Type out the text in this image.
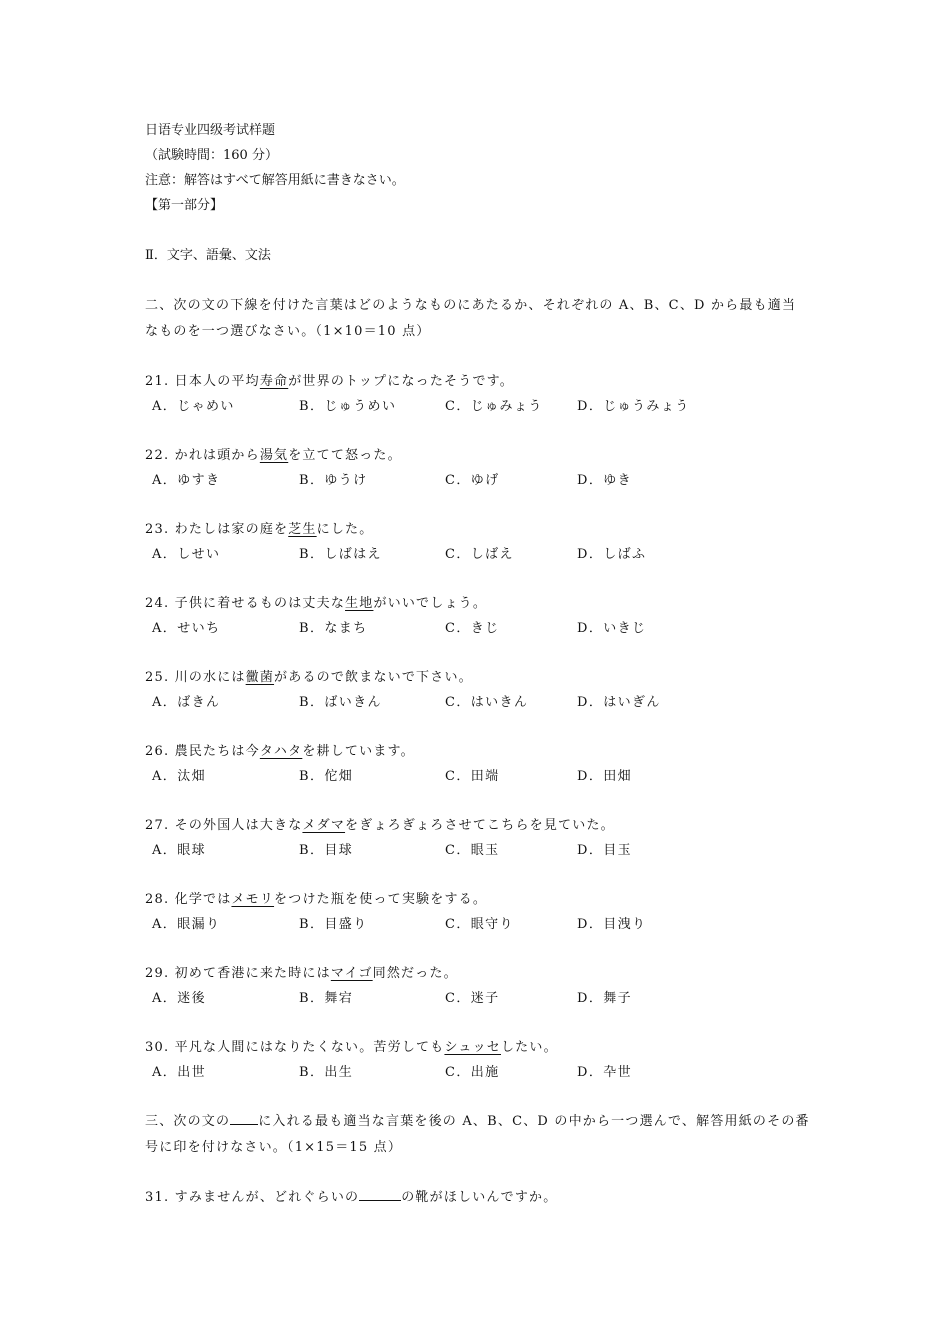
日语专业四级考试样题

（試験時間：160 分）

注意：解答はすべて解答用紙に書きなさい。

【第一部分】

Ⅱ．文字、語彙、文法

二、次の文の下線を付けた言葉はどのようなものにあたるか、それぞれの A、B、C、D から最も適当なものを一つ選びなさい。（1×10＝10 点）

21. 日本人の平均寿命が世界のトップになったそうです。

A．じゃめい	B．じゅうめい	C．じゅみょう	D．じゅうみょう

22. かれは頭から湯気を立てて怒った。

A．ゆすき	B．ゆうけ	C．ゆげ	D．ゆき

23. わたしは家の庭を芝生にした。

A．しせい	B．しばはえ	C．しばえ	D．しばふ

24. 子供に着せるものは丈夫な生地がいいでしょう。

A．せいち	B．なまち	C．きじ	D．いきじ

25. 川の水には黴菌があるので飲まないで下さい。

A．ばきん	B．ばいきん	C．はいきん	D．はいぎん

26. 農民たちは今タハタを耕しています。

A．汰畑	B．佗畑	C．田端	D．田畑

27. その外国人は大きなメダマをぎょろぎょろさせてこちらを見ていた。

A．眼球	B．目球	C．眼玉	D．目玉

28. 化学ではメモリをつけた瓶を使って実験をする。

A．眼漏り	B．目盛り	C．眼守り	D．目洩り

29. 初めて香港に来た時にはマイゴ同然だった。

A．迷後	B．舞宕	C．迷子	D．舞子

30. 平凡な人間にはなりたくない。苦労してもシュッセしたい。

A．出世	B．出生	C．出施	D．卆世

三、次の文の に入れる最も適当な言葉を後の A、B、C、D の中から一つ選んで、解答用紙のその番号に印を付けなさい。（1×15＝15 点）

31. すみませんが、どれぐらいの	の靴がほしいんですか。
